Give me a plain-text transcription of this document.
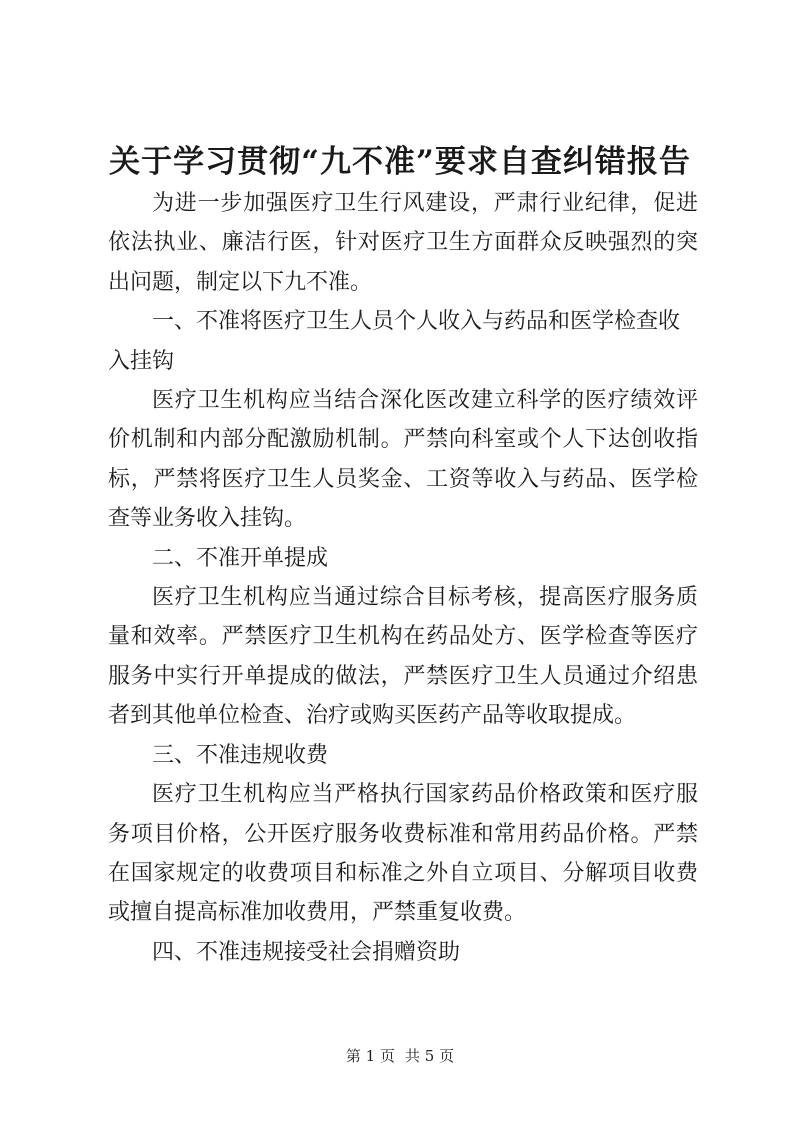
关于学习贯彻“九不准”要求自查纠错报告

为进一步加强医疗卫生行风建设，严肃行业纪律，促进依法执业、廉洁行医，针对医疗卫生方面群众反映强烈的突出问题，制定以下九不准。

一、不准将医疗卫生人员个人收入与药品和医学检查收入挂钩

医疗卫生机构应当结合深化医改建立科学的医疗绩效评价机制和内部分配激励机制。严禁向科室或个人下达创收指标，严禁将医疗卫生人员奖金、工资等收入与药品、医学检查等业务收入挂钩。

二、不准开单提成

医疗卫生机构应当通过综合目标考核，提高医疗服务质量和效率。严禁医疗卫生机构在药品处方、医学检查等医疗服务中实行开单提成的做法，严禁医疗卫生人员通过介绍患者到其他单位检查、治疗或购买医药产品等收取提成。

三、不准违规收费

医疗卫生机构应当严格执行国家药品价格政策和医疗服务项目价格，公开医疗服务收费标准和常用药品价格。严禁在国家规定的收费项目和标准之外自立项目、分解项目收费或擅自提高标准加收费用，严禁重复收费。

四、不准违规接受社会捐赠资助

第 1 页 共 5 页
